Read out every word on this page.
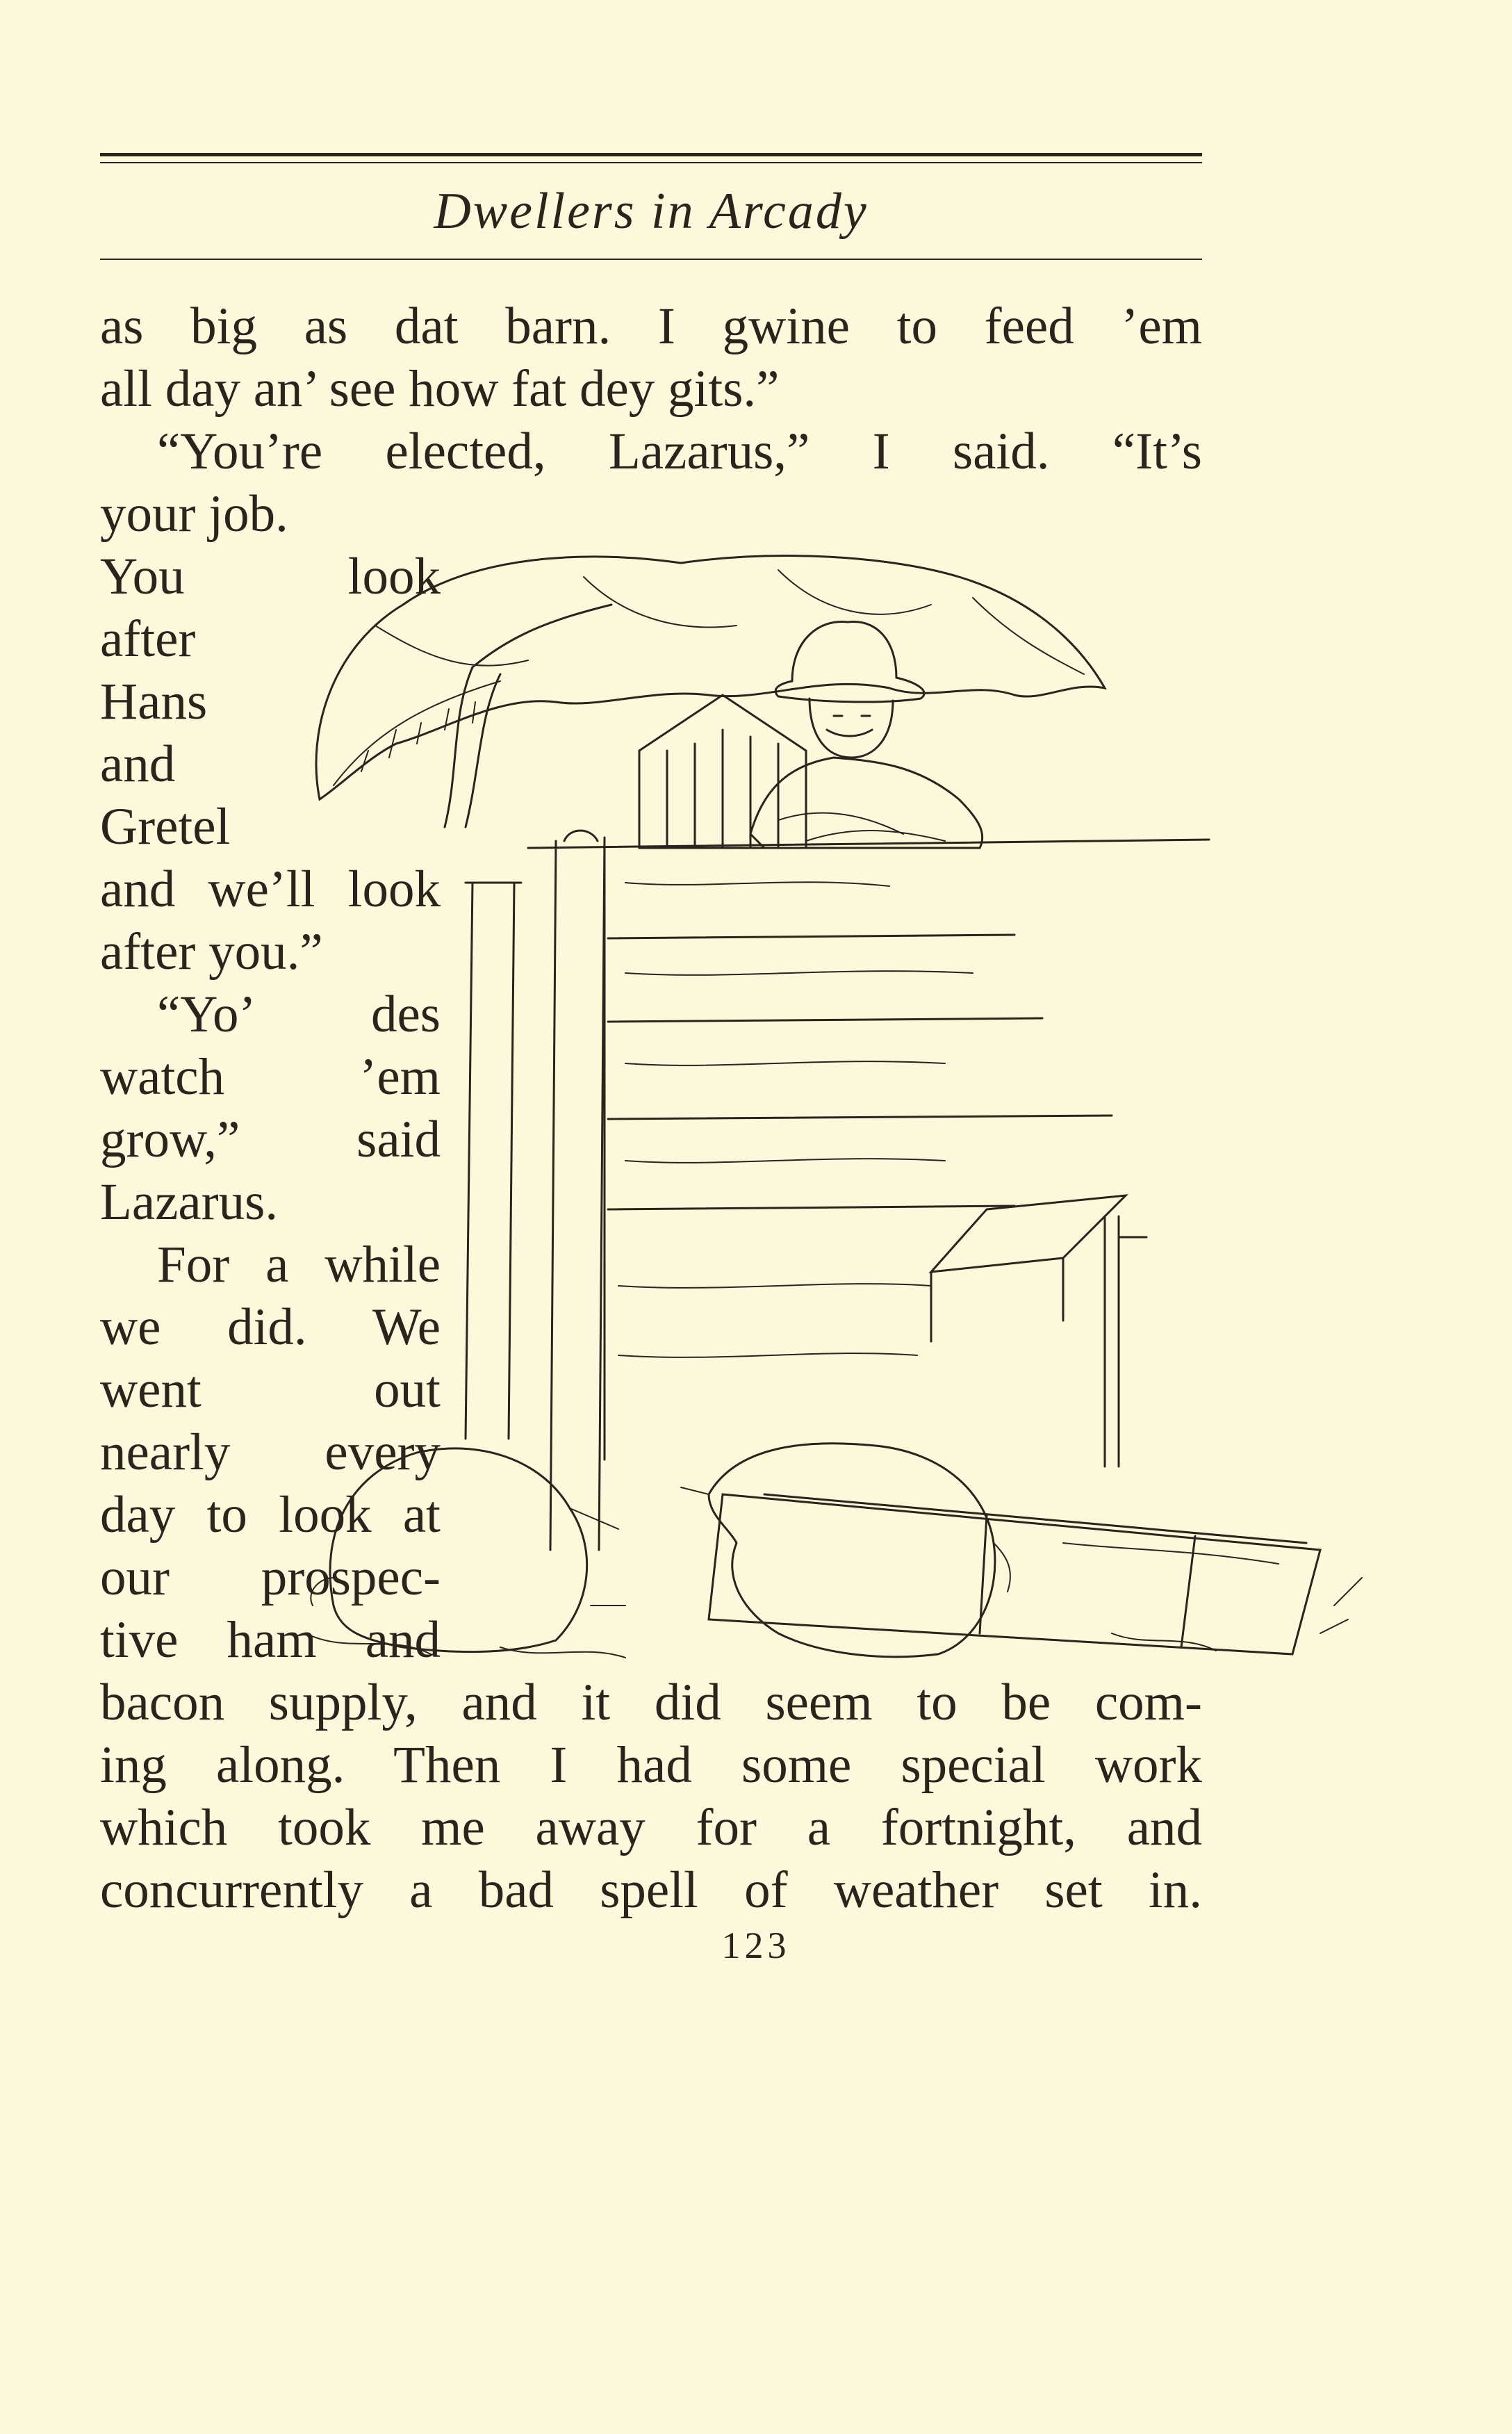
Dwellers in Arcady
as big as dat barn. I gwine to feed ’em
all day an’ see how fat dey gits.”
“You’re elected, Lazarus,” I said. “It’s
your job.
You look
after
Hans
and
Gretel
and we’ll look
after you.”
“Yo’ des
watch ’em
grow,” said
Lazarus.
For a while
we did. We
went out
nearly every
day to look at
our prospec-
tive ham and
bacon supply, and it did seem to be com-
ing along. Then I had some special work
which took me away for a fortnight, and
concurrently a bad spell of weather set in.
123
